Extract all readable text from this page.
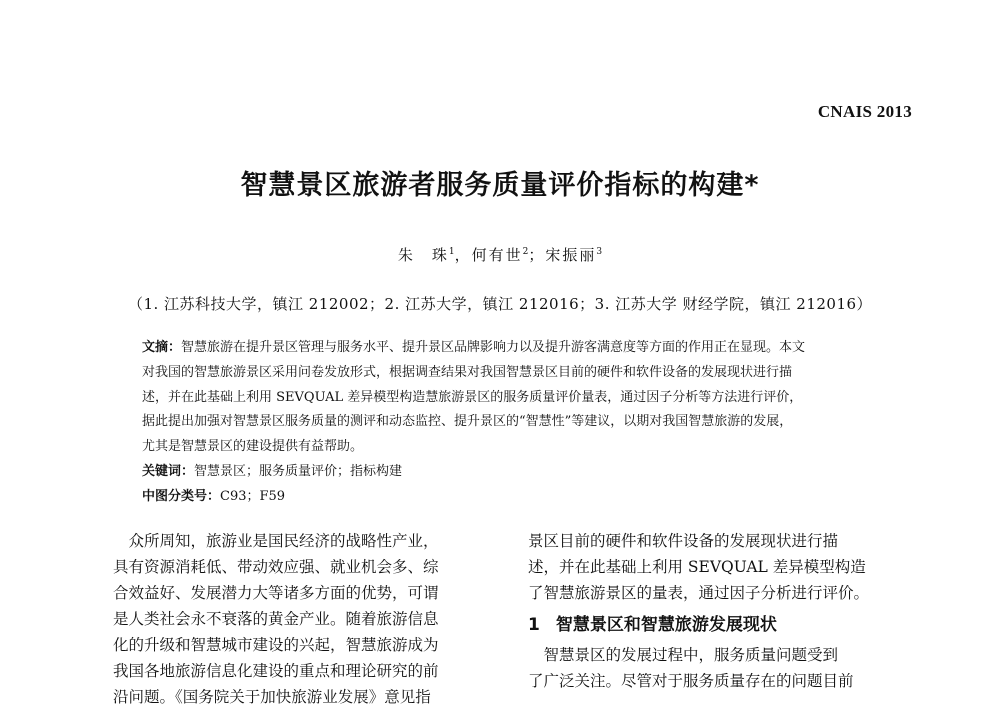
CNAIS 2013
智慧景区旅游者服务质量评价指标的构建*
朱　珠$^1$，何有世$^2$；宋振丽$^3$
（1. 江苏科技大学，镇江 212002；2. 江苏大学，镇江 212016；3. 江苏大学 财经学院，镇江 212016）
文摘：智慧旅游在提升景区管理与服务水平、提升景区品牌影响力以及提升游客满意度等方面的作用正在显现。本文
对我国的智慧旅游景区采用问卷发放形式，根据调查结果对我国智慧景区目前的硬件和软件设备的发展现状进行描
述，并在此基础上利用 SEVQUAL 差异模型构造慧旅游景区的服务质量评价量表，通过因子分析等方法进行评价，
据此提出加强对智慧景区服务质量的测评和动态监控、提升景区的“智慧性”等建议，以期对我国智慧旅游的发展，
尤其是智慧景区的建设提供有益帮助。
关键词：智慧景区；服务质量评价；指标构建
中图分类号：C93；F59
　众所周知，旅游业是国民经济的战略性产业，
具有资源消耗低、带动效应强、就业机会多、综
合效益好、发展潜力大等诸多方面的优势，可谓
是人类社会永不衰落的黄金产业。随着旅游信息
化的升级和智慧城市建设的兴起，智慧旅游成为
我国各地旅游信息化建设的重点和理论研究的前
沿问题。《国务院关于加快旅游业发展》意见指
景区目前的硬件和软件设备的发展现状进行描
述，并在此基础上利用 SEVQUAL 差异模型构造
了智慧旅游景区的量表，通过因子分析进行评价。
1 智慧景区和智慧旅游发展现状
　智慧景区的发展过程中，服务质量问题受到
了广泛关注。尽管对于服务质量存在的问题目前
